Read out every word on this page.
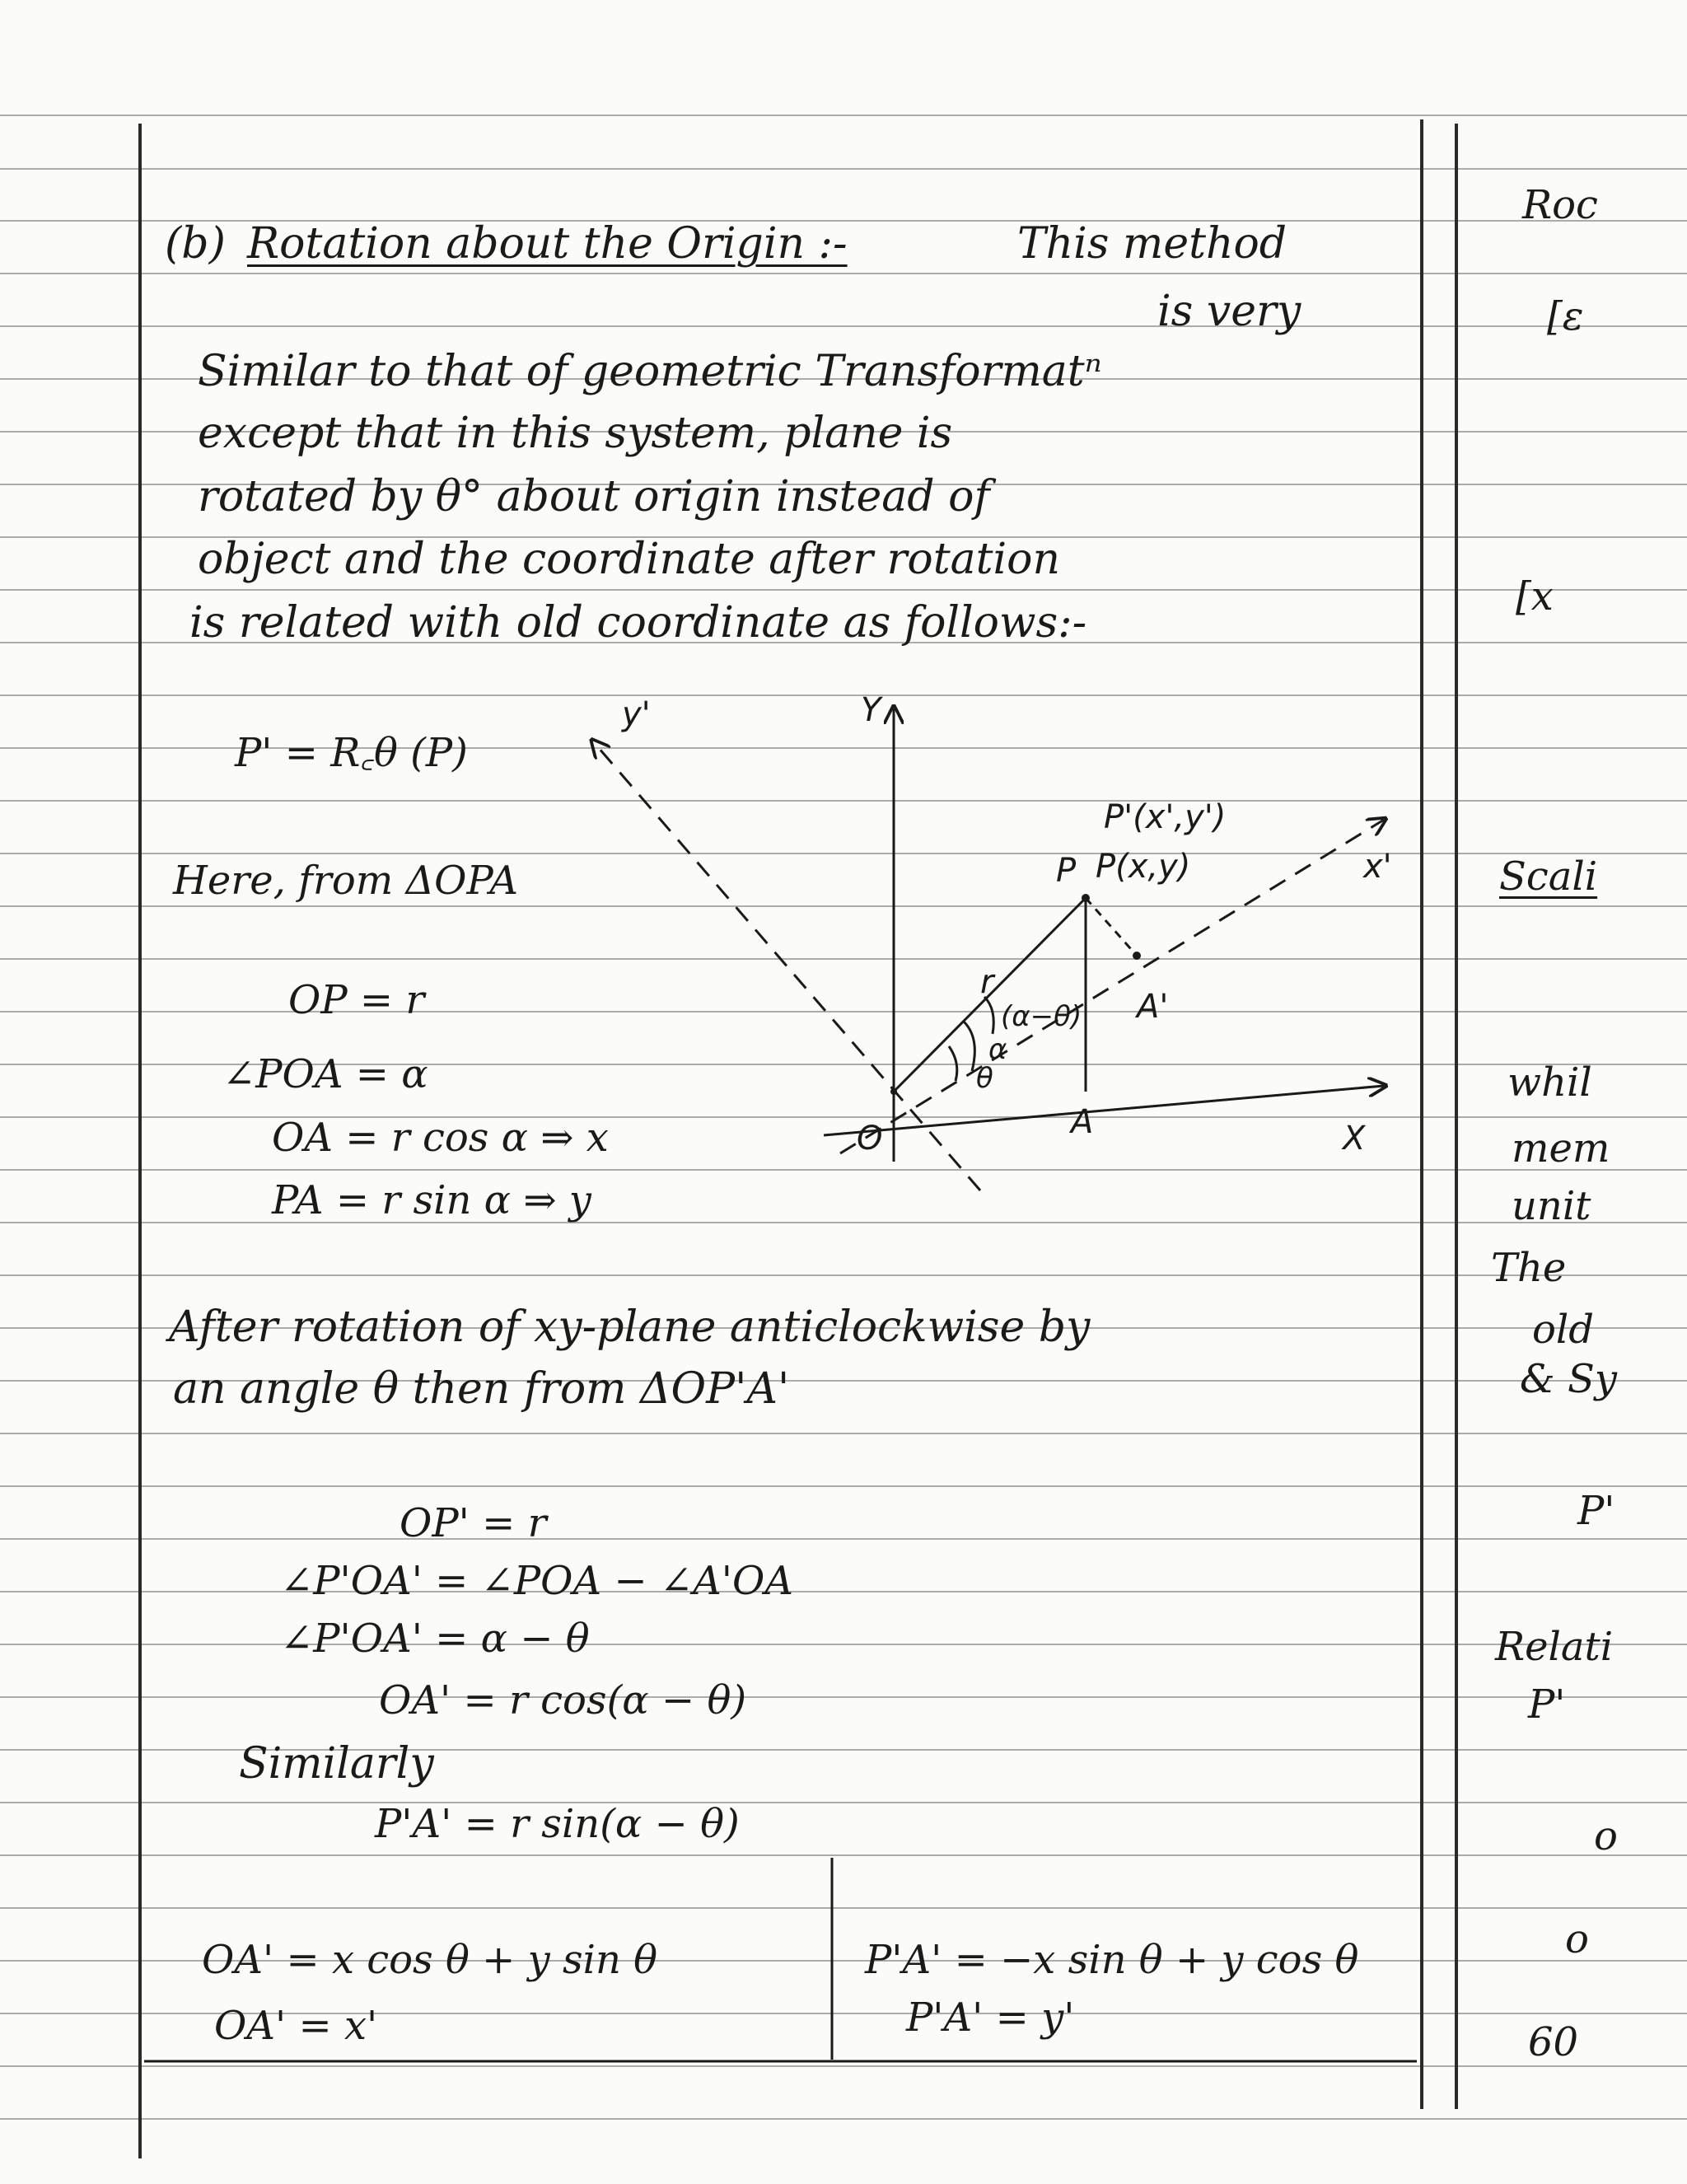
(b) Rotation about the Origin :-	This method
is very
Similar to that of geometric Transformatⁿ
except that in this system, plane is
rotated by θ° about origin instead of
object and the coordinate after rotation
is related with old coordinate as follows:-
P' = R꜀θ (P)
Here, from ΔOPA
OP = r
∠POA = α
OA = r cos α ⇒ x
PA = r sin α ⇒ y
Y
y'
x'
X
O	A
A'
P P(x,y)
P'(x',y')
r
(α−θ)
α
θ
After rotation of xy-plane anticlockwise by
an angle θ then from ΔOP'A'
OP' = r
∠P'OA' = ∠POA − ∠A'OA
∠P'OA' = α − θ
OA' = r cos(α − θ)
Similarly
P'A' = r sin(α − θ)
OA' = x cos θ + y sin θ
OA' = x'
P'A' = −x sin θ + y cos θ
P'A' = y'
Roc
[ε
[x
Scali
whil
mem
unit
The
old
& Sy
P'
Relati
P'
o
o
60
